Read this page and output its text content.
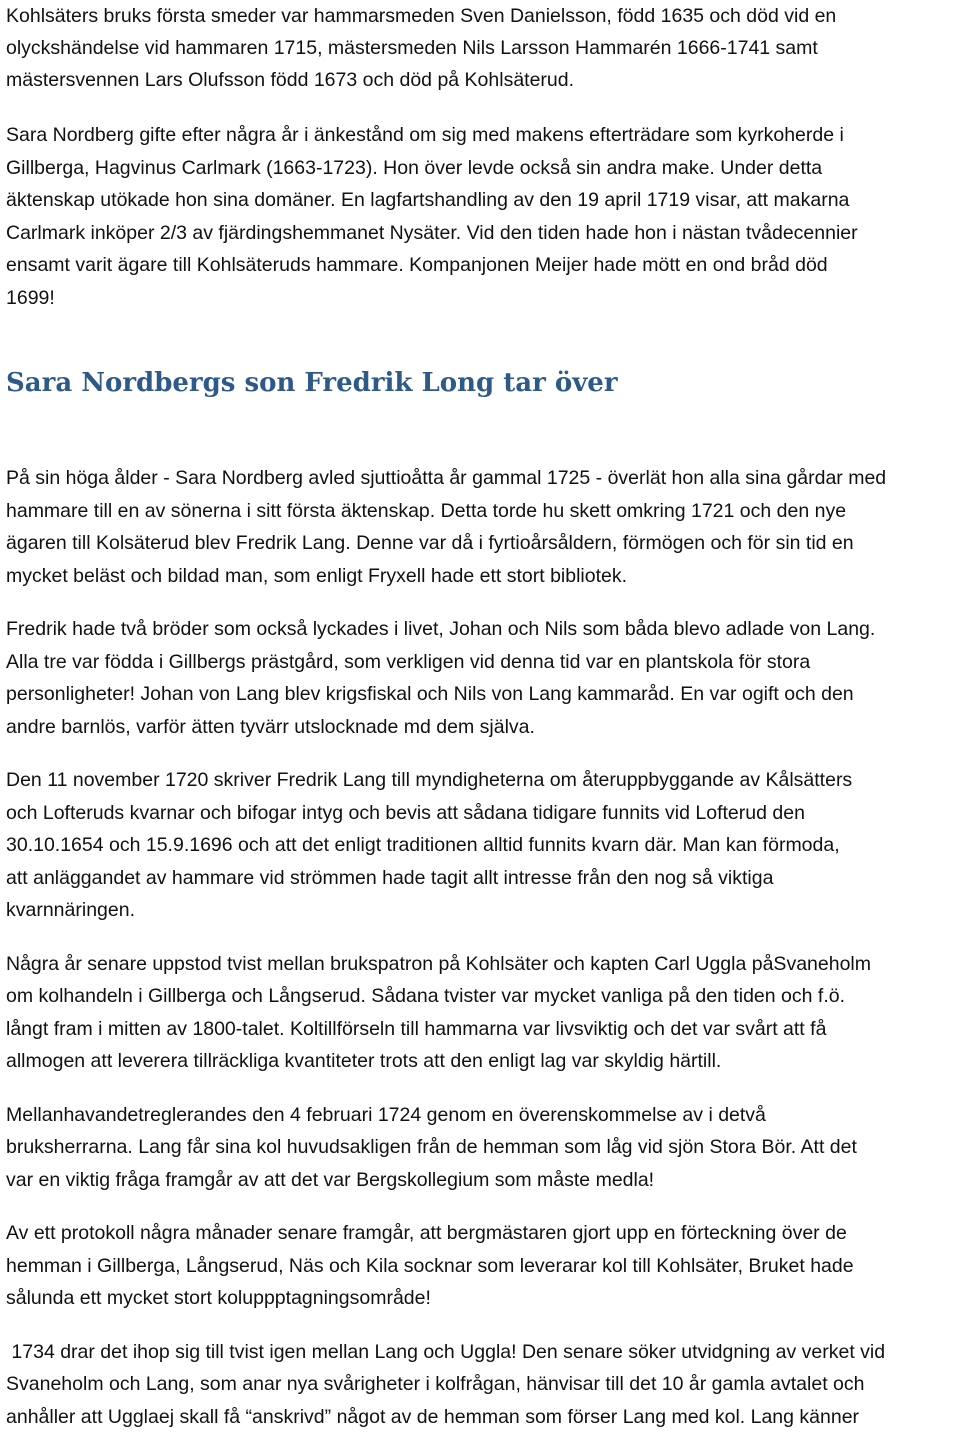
Kohlsäters bruks första smeder var hammarsmeden Sven Danielsson, född 1635 och död vid en

olyckshändelse vid hammaren 1715, mästersmeden Nils Larsson Hammarén 1666-1741 samt

mästersvennen Lars Olufsson född 1673 och död på Kohlsäterud.

Sara Nordberg gifte efter några år i änkestånd om sig med makens efterträdare som kyrkoherde i

Gillberga, Hagvinus Carlmark (1663-1723). Hon över levde också sin andra make. Under detta

äktenskap utökade hon sina domäner. En lagfartshandling av den 19 april 1719 visar, att makarna

Carlmark inköper 2/3 av fjärdingshemmanet Nysäter. Vid den tiden hade hon i nästan tvådecennier

ensamt varit ägare till Kohlsäteruds hammare. Kompanjonen Meijer hade mött en ond bråd död

1699!

Sara Nordbergs son Fredrik Long tar över

På sin höga ålder - Sara Nordberg avled sjuttioåtta år gammal 1725 - överlät hon alla sina gårdar med

hammare till en av sönerna i sitt första äktenskap. Detta torde hu skett omkring 1721 och den nye

ägaren till Kolsäterud blev Fredrik Lang. Denne var då i fyrtioårsåldern, förmögen och för sin tid en

mycket beläst och bildad man, som enligt Fryxell hade ett stort bibliotek.

Fredrik hade två bröder som också lyckades i livet, Johan och Nils som båda blevo adlade von Lang.

Alla tre var födda i Gillbergs prästgård, som verkligen vid denna tid var en plantskola för stora

personligheter! Johan von Lang blev krigsfiskal och Nils von Lang kammaråd. En var ogift och den

andre barnlös, varför ätten tyvärr utslocknade md dem själva.

Den 11 november 1720 skriver Fredrik Lang till myndigheterna om återuppbyggande av Kålsätters

och Lofteruds kvarnar och bifogar intyg och bevis att sådana tidigare funnits vid Lofterud den

30.10.1654 och 15.9.1696 och att det enligt traditionen alltid funnits kvarn där. Man kan förmoda,

att anläggandet av hammare vid strömmen hade tagit allt intresse från den nog så viktiga

kvarnnäringen.

Några år senare uppstod tvist mellan brukspatron på Kohlsäter och kapten Carl Uggla påSvaneholm

om kolhandeln i Gillberga och Långserud. Sådana tvister var mycket vanliga på den tiden och f.ö.

långt fram i mitten av 1800-talet. Koltillförseln till hammarna var livsviktig och det var svårt att få

allmogen att leverera tillräckliga kvantiteter trots att den enligt lag var skyldig härtill.

Mellanhavandetreglerandes den 4 februari 1724 genom en överenskommelse av i detvå

bruksherrarna. Lang får sina kol huvudsakligen från de hemman som låg vid sjön Stora Bör. Att det

var en viktig fråga framgår av att det var Bergskollegium som måste medla!

Av ett protokoll några månader senare framgår, att bergmästaren gjort upp en förteckning över de

hemman i Gillberga, Långserud, Näs och Kila socknar som leverarar kol till Kohlsäter, Bruket hade

sålunda ett mycket stort koluppptagningsområde!

1734 drar det ihop sig till tvist igen mellan Lang och Uggla! Den senare söker utvidgning av verket vid

Svaneholm och Lang, som anar nya svårigheter i kolfrågan, hänvisar till det 10 år gamla avtalet och

anhåller att Ugglaej skall få “anskrivd” något av de hemman som förser Lang med kol. Lang känner
